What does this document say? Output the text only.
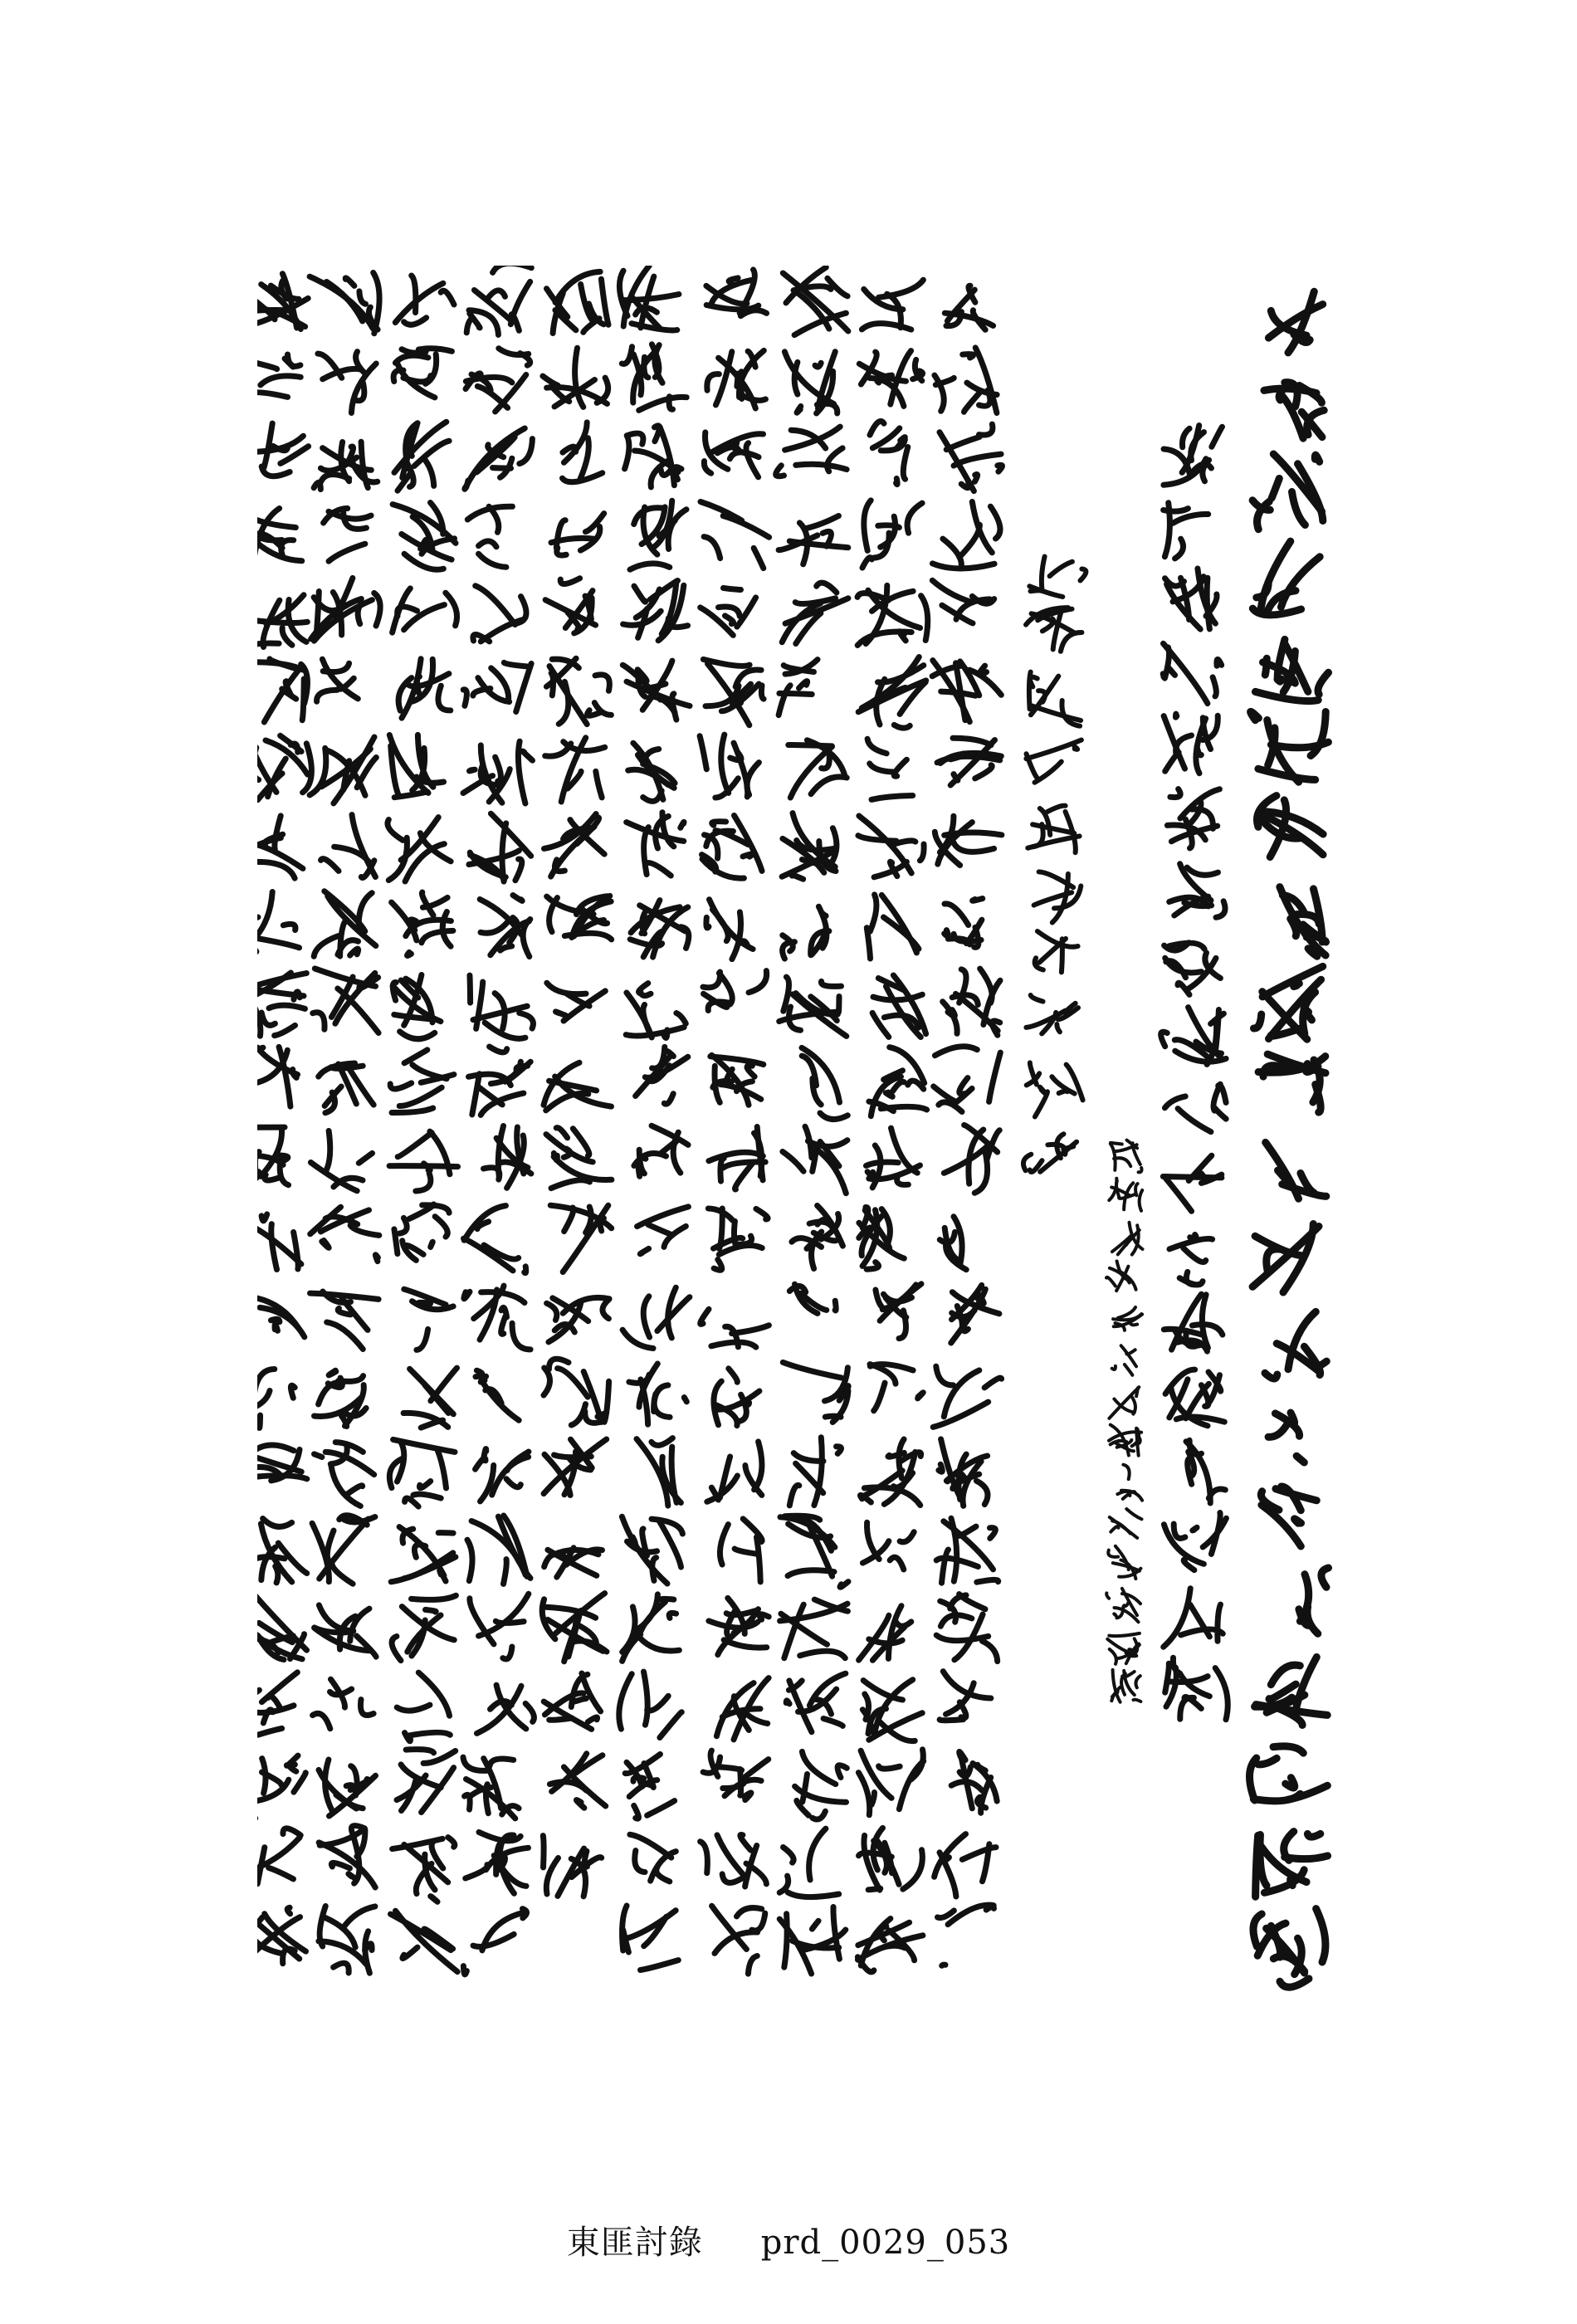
東匪討錄 prd_0029_053
